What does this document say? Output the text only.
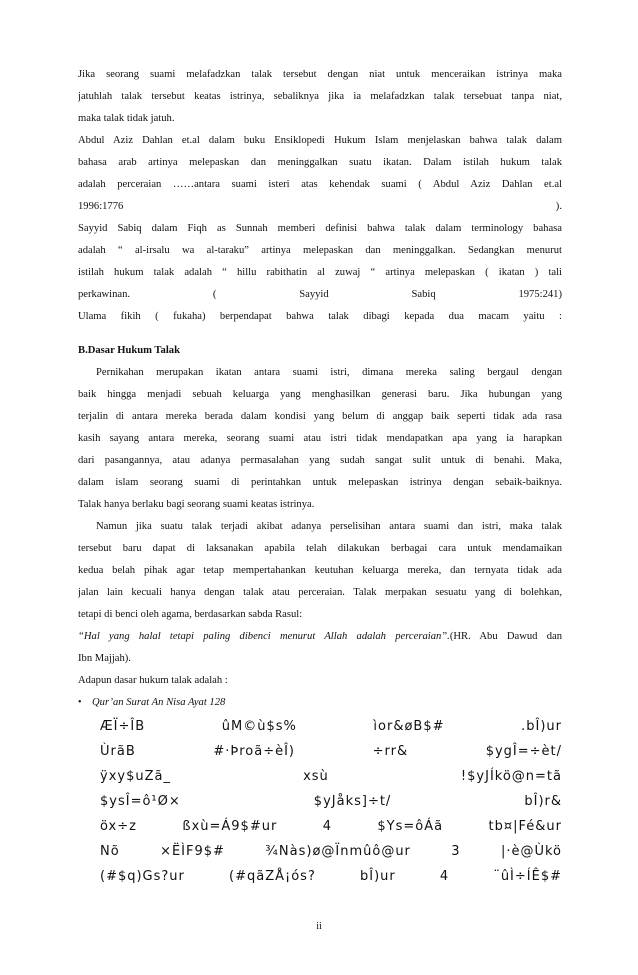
Jika seorang suami melafadzkan talak tersebut dengan niat untuk menceraikan istrinya maka
jatuhlah talak tersebut keatas istrinya, sebaliknya jika ia melafadzkan talak tersebuat tanpa niat,
maka talak tidak jatuh.
Abdul Aziz Dahlan et.al dalam buku Ensiklopedi Hukum Islam menjelaskan bahwa talak dalam
bahasa arab artinya melepaskan dan meninggalkan suatu ikatan. Dalam istilah hukum talak
adalah perceraian ……antara suami isteri atas kehendak suami ( Abdul Aziz Dahlan et.al
1996:1776 ).
Sayyid Sabiq dalam Fiqh as Sunnah memberi definisi bahwa talak dalam terminology bahasa
adalah “ al-irsalu wa al-taraku” artinya melepaskan dan meninggalkan. Sedangkan menurut
istilah hukum talak adalah “ hillu rabithatin al zuwaj “ artinya melepaskan ( ikatan ) tali
perkawinan. ( Sayyid Sabiq 1975:241)
Ulama fikih ( fukaha) berpendapat bahwa talak dibagi kepada dua macam yaitu :
B.Dasar Hukum Talak
Pernikahan merupakan ikatan antara suami istri, dimana mereka saling bergaul dengan
baik hingga menjadi sebuah keluarga yang menghasilkan generasi baru. Jika hubungan yang
terjalin di antara mereka berada dalam kondisi yang belum di anggap baik seperti tidak ada rasa
kasih sayang antara mereka, seorang suami atau istri tidak mendapatkan apa yang ia harapkan
dari pasangannya, atau adanya permasalahan yang sudah sangat sulit untuk di benahi. Maka,
dalam islam seorang suami di perintahkan untuk melepaskan istrinya dengan sebaik-baiknya.
Talak hanya berlaku bagi seorang suami keatas istrinya.
Namun jika suatu talak terjadi akibat adanya perselisihan antara suami dan istri, maka talak
tersebut baru dapat di laksanakan apabila telah dilakukan berbagai cara untuk mendamaikan
kedua belah pihak agar tetap mempertahankan keutuhan keluarga mereka, dan ternyata tidak ada
jalan lain kecuali hanya dengan talak atau perceraian. Talak merpakan sesuatu yang di bolehkan,
tetapi di benci oleh agama, berdasarkan sabda Rasul:
“Hal yang halal tetapi paling dibenci menurut Allah adalah perceraian”.(HR. Abu Dawud dan
Ibn Majjah).
Adapun dasar hukum talak adalah :
• Qur’an Surat An Nisa Ayat 128
ÆÏ÷ÎB ûM©ù$s% ìor&øB$# .bÎ)ur
ÙrãB #·Þroã÷èÎ) ÷rr& $ygÎ=÷èt/
ÿxy$uZã_ xsù !$yJÍkö@n=tã
$ysÎ=ô¹Ø× $yJåks]÷t/ bÎ)r&
öx÷z ßxù=Á9$#ur 4 $Ys=ôÁã tb¤|Fé&ur
Nõ ×ËÌF9$# ¾Nàs)ø@Ïnmûô@ur 3 |·è@Ùkö
(#$q)Gs?ur (#qãZÅ¡ós? bÎ)ur 4 ¨ûÌ÷ÍÊ$#
ii
